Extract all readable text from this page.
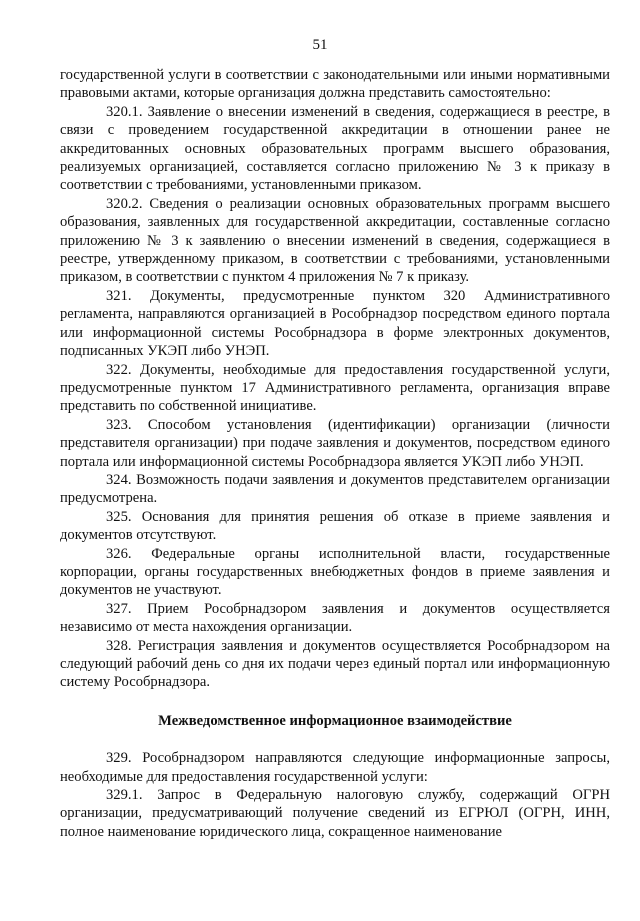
51

государственной услуги в соответствии с законодательными или иными нормативными правовыми актами, которые организация должна представить самостоятельно:

320.1. Заявление о внесении изменений в сведения, содержащиеся в реестре, в связи с проведением государственной аккредитации в отношении ранее не аккредитованных основных образовательных программ высшего образования, реализуемых организацией, составляется согласно приложению № 3 к приказу в соответствии с требованиями, установленными приказом.

320.2. Сведения о реализации основных образовательных программ высшего образования, заявленных для государственной аккредитации, составленные согласно приложению № 3 к заявлению о внесении изменений в сведения, содержащиеся в реестре, утвержденному приказом, в соответствии с требованиями, установленными приказом, в соответствии с пунктом 4 приложения № 7 к приказу.

321. Документы, предусмотренные пунктом 320 Административного регламента, направляются организацией в Рособрнадзор посредством единого портала или информационной системы Рособрнадзора в форме электронных документов, подписанных УКЭП либо УНЭП.

322. Документы, необходимые для предоставления государственной услуги, предусмотренные пунктом 17 Административного регламента, организация вправе представить по собственной инициативе.

323. Способом установления (идентификации) организации (личности представителя организации) при подаче заявления и документов, посредством единого портала или информационной системы Рособрнадзора является УКЭП либо УНЭП.

324. Возможность подачи заявления и документов представителем организации предусмотрена.

325. Основания для принятия решения об отказе в приеме заявления и документов отсутствуют.

326. Федеральные органы исполнительной власти, государственные корпорации, органы государственных внебюджетных фондов в приеме заявления и документов не участвуют.

327. Прием Рособрнадзором заявления и документов осуществляется независимо от места нахождения организации.

328. Регистрация заявления и документов осуществляется Рособрнадзором на следующий рабочий день со дня их подачи через единый портал или информационную систему Рособрнадзора.

Межведомственное информационное взаимодействие

329. Рособрнадзором направляются следующие информационные запросы, необходимые для предоставления государственной услуги:

329.1. Запрос в Федеральную налоговую службу, содержащий ОГРН организации, предусматривающий получение сведений из ЕГРЮЛ (ОГРН, ИНН, полное наименование юридического лица, сокращенное наименование
